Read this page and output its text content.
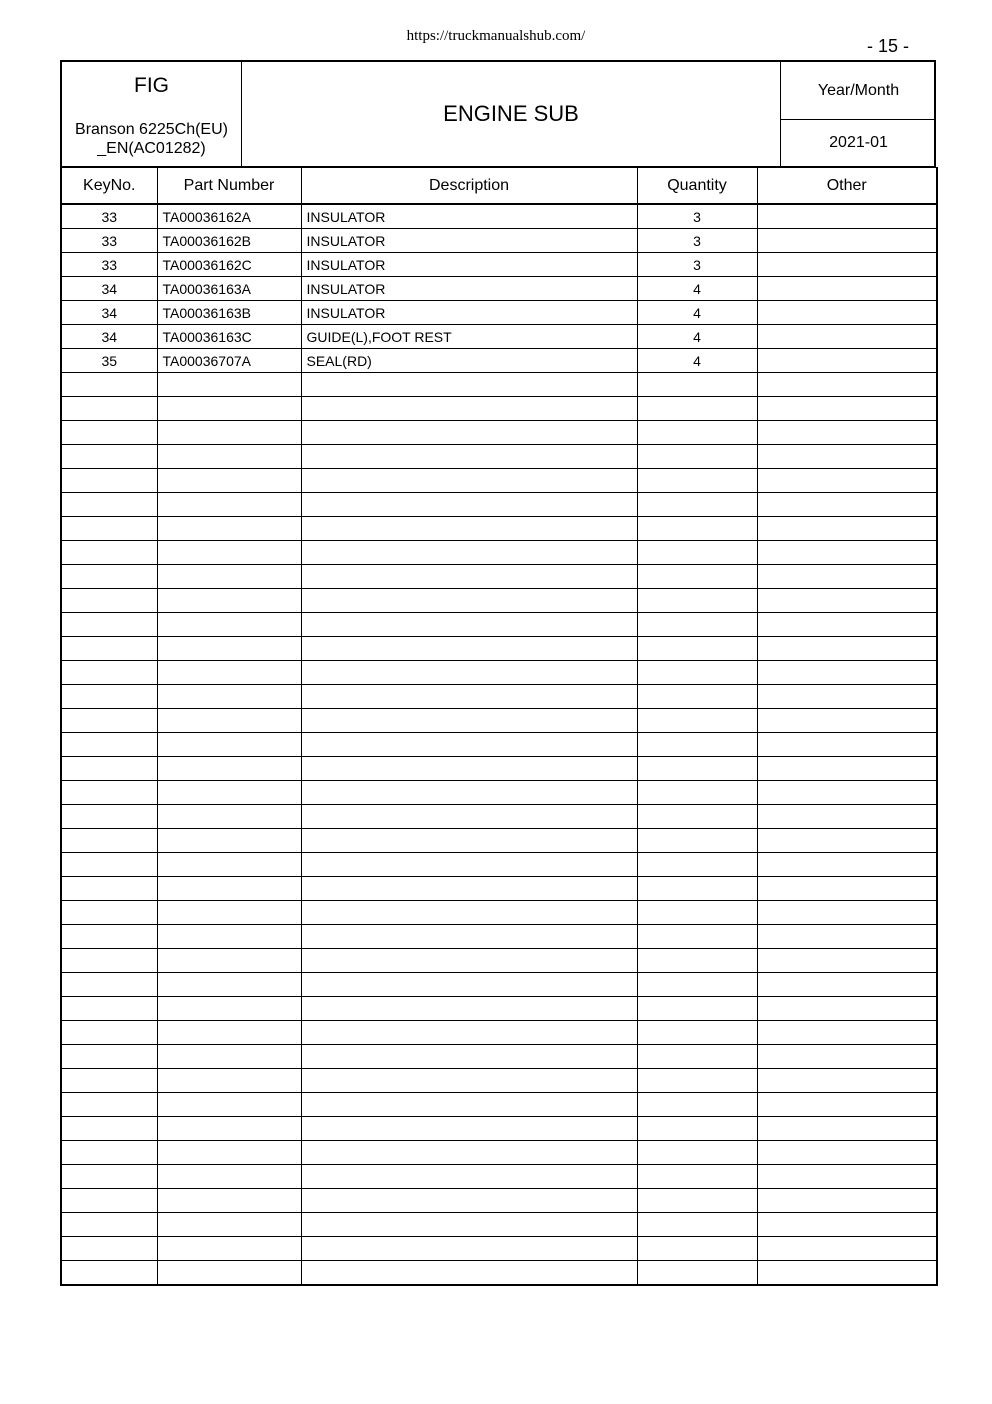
https://truckmanualshub.com/	- 15 -
FIG
Branson 6225Ch(EU)
_EN(AC01282)
ENGINE SUB
Year/Month
2021-01
KeyNo.	Part Number	Description	Quantity	Other
33	TA00036162A	INSULATOR	3	
33	TA00036162B	INSULATOR	3	
33	TA00036162C	INSULATOR	3	
34	TA00036163A	INSULATOR	4	
34	TA00036163B	INSULATOR	4	
34	TA00036163C	GUIDE(L),FOOT REST	4	
35	TA00036707A	SEAL(RD)	4	
